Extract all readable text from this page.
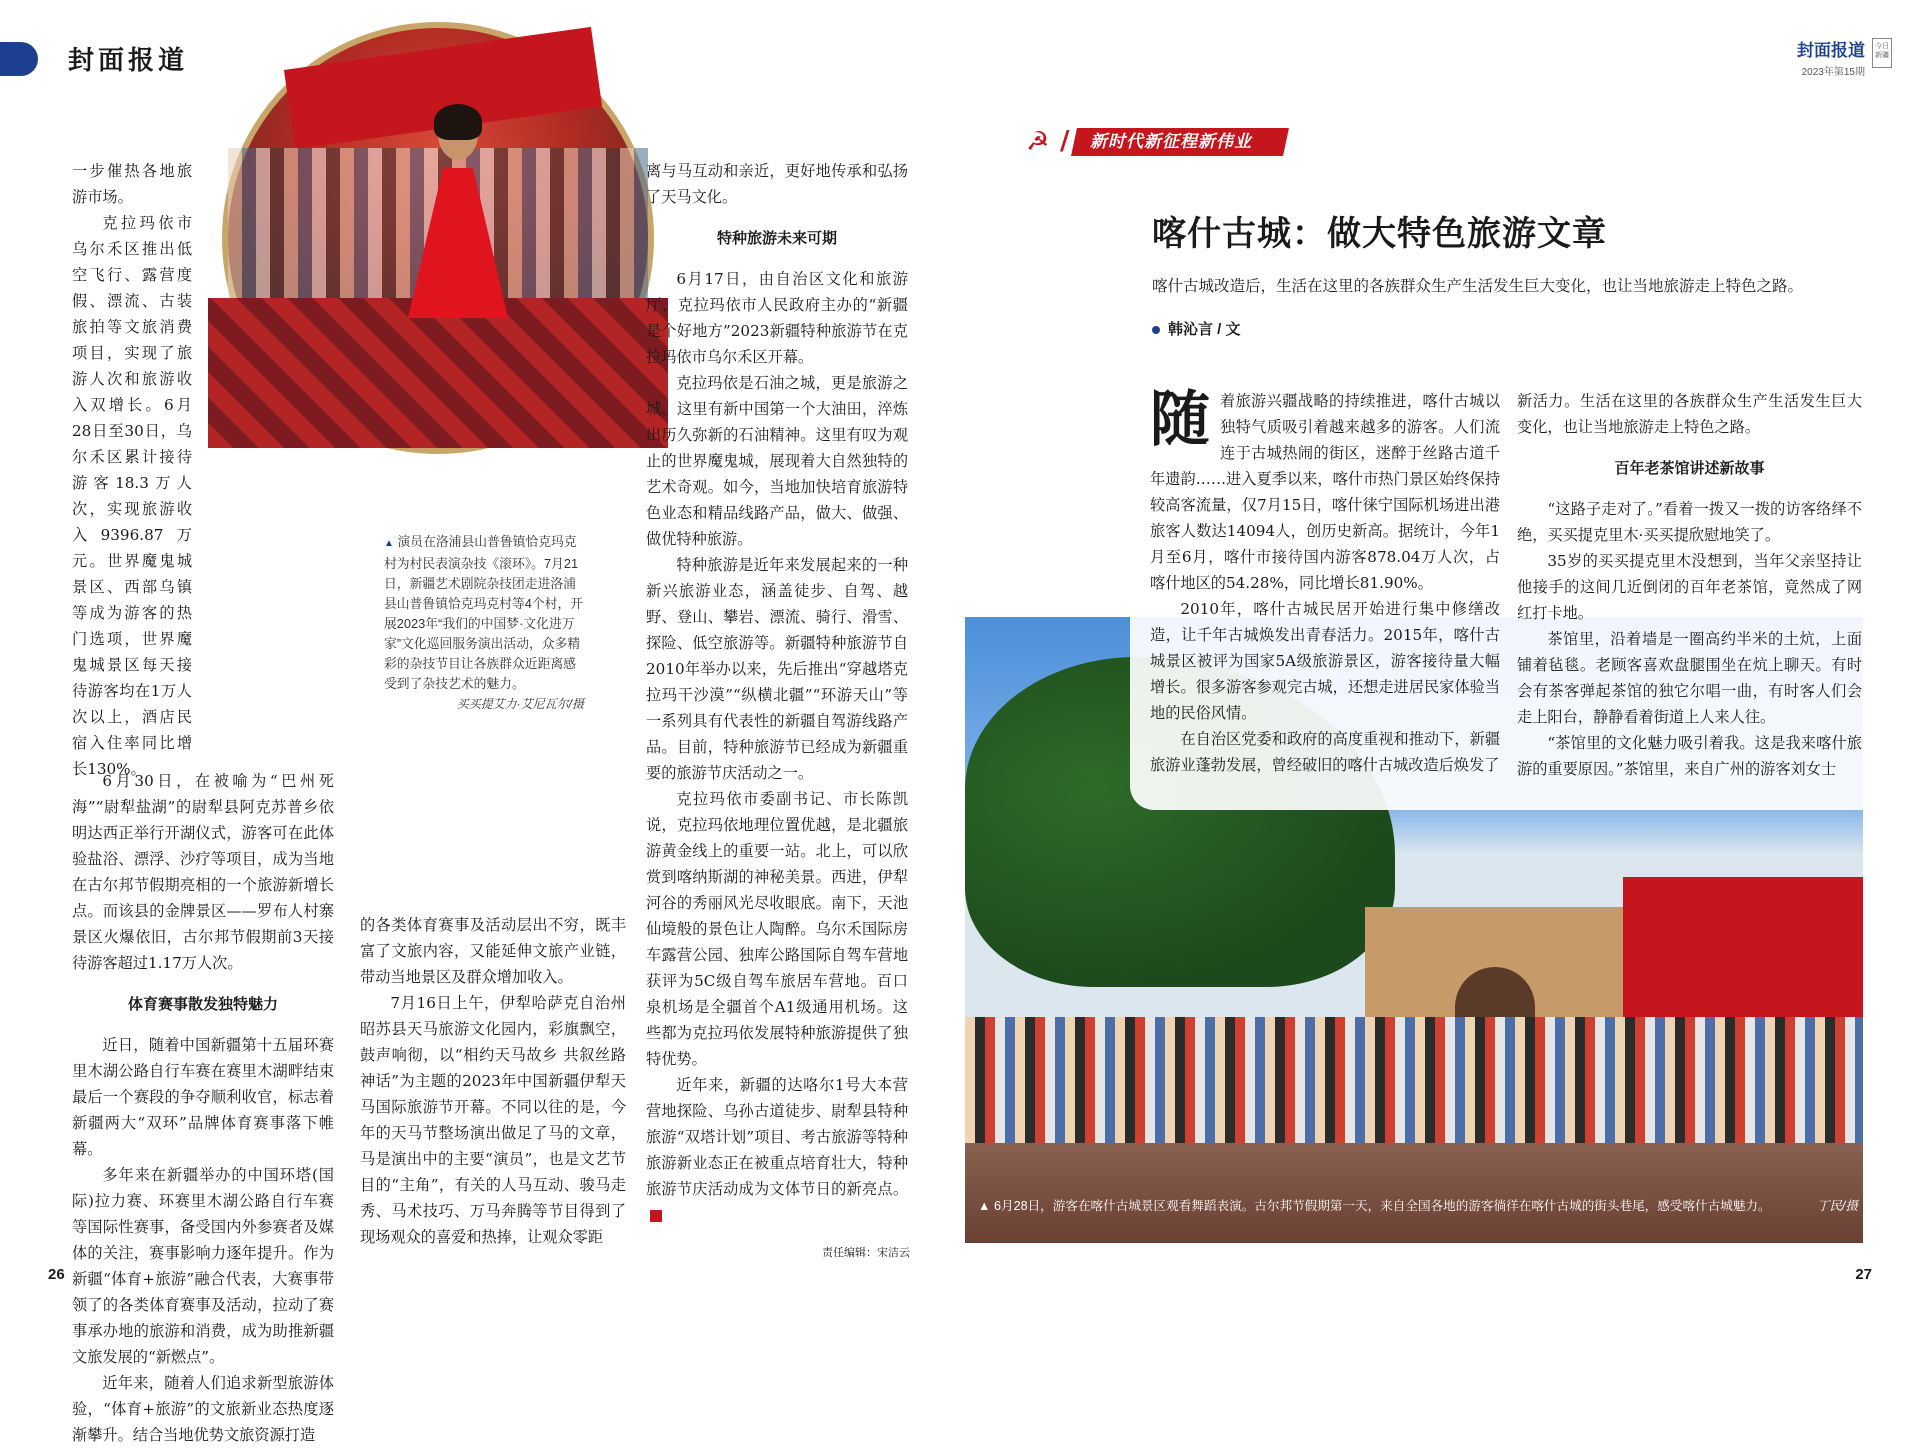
封面报道

一步催热各地旅游市场。

克拉玛依市乌尔禾区推出低空飞行、露营度假、漂流、古装旅拍等文旅消费项目，实现了旅游人次和旅游收入双增长。6月28日至30日，乌尔禾区累计接待游客18.3万人次，实现旅游收入9396.87万元。世界魔鬼城景区、西部乌镇等成为游客的热门选项，世界魔鬼城景区每天接待游客均在1万人次以上，酒店民宿入住率同比增长130%。

▲ 演员在洛浦县山普鲁镇恰克玛克村为村民表演杂技《滚环》。7月21日，新疆艺术剧院杂技团走进洛浦县山普鲁镇恰克玛克村等4个村，开展2023年“我们的中国梦·文化进万家”文化巡回服务演出活动，众多精彩的杂技节目让各族群众近距离感受到了杂技艺术的魅力。
买买提艾力·艾尼瓦尔/摄

6月30日，在被喻为“巴州死海”“尉犁盐湖”的尉犁县阿克苏普乡依明达西正举行开湖仪式，游客可在此体验盐浴、漂浮、沙疗等项目，成为当地在古尔邦节假期亮相的一个旅游新增长点。而该县的金牌景区——罗布人村寨景区火爆依旧，古尔邦节假期前3天接待游客超过1.17万人次。

体育赛事散发独特魅力

近日，随着中国新疆第十五届环赛里木湖公路自行车赛在赛里木湖畔结束最后一个赛段的争夺顺利收官，标志着新疆两大“双环”品牌体育赛事落下帷幕。

多年来在新疆举办的中国环塔(国际)拉力赛、环赛里木湖公路自行车赛等国际性赛事，备受国内外参赛者及媒体的关注，赛事影响力逐年提升。作为新疆“体育+旅游”融合代表，大赛事带领了的各类体育赛事及活动，拉动了赛事承办地的旅游和消费，成为助推新疆文旅发展的“新燃点”。

近年来，随着人们追求新型旅游体验，“体育+旅游”的文旅新业态热度逐渐攀升。结合当地优势文旅资源打造

的各类体育赛事及活动层出不穷，既丰富了文旅内容，又能延伸文旅产业链，带动当地景区及群众增加收入。

7月16日上午，伊犁哈萨克自治州昭苏县天马旅游文化园内，彩旗飘空，鼓声响彻，以“相约天马故乡 共叙丝路神话”为主题的2023年中国新疆伊犁天马国际旅游节开幕。不同以往的是，今年的天马节整场演出做足了马的文章，马是演出中的主要“演员”，也是文艺节目的“主角”，有关的人马互动、骏马走秀、马术技巧、万马奔腾等节目得到了现场观众的喜爱和热捧，让观众零距

离与马互动和亲近，更好地传承和弘扬了天马文化。

特种旅游未来可期

6月17日，由自治区文化和旅游厅、克拉玛依市人民政府主办的“新疆是个好地方”2023新疆特种旅游节在克拉玛依市乌尔禾区开幕。

克拉玛依是石油之城，更是旅游之城。这里有新中国第一个大油田，淬炼出历久弥新的石油精神。这里有叹为观止的世界魔鬼城，展现着大自然独特的艺术奇观。如今，当地加快培育旅游特色业态和精品线路产品，做大、做强、做优特种旅游。

特种旅游是近年来发展起来的一种新兴旅游业态，涵盖徒步、自驾、越野、登山、攀岩、漂流、骑行、滑雪、探险、低空旅游等。新疆特种旅游节自2010年举办以来，先后推出“穿越塔克拉玛干沙漠”“纵横北疆”“环游天山”等一系列具有代表性的新疆自驾游线路产品。目前，特种旅游节已经成为新疆重要的旅游节庆活动之一。

克拉玛依市委副书记、市长陈凯说，克拉玛依地理位置优越，是北疆旅游黄金线上的重要一站。北上，可以欣赏到喀纳斯湖的神秘美景。西进，伊犁河谷的秀丽风光尽收眼底。南下，天池仙境般的景色让人陶醉。乌尔禾国际房车露营公园、独库公路国际自驾车营地获评为5C级自驾车旅居车营地。百口泉机场是全疆首个A1级通用机场。这些都为克拉玛依发展特种旅游提供了独特优势。

近年来，新疆的达咯尔1号大本营营地探险、乌孙古道徒步、尉犁县特种旅游“双塔计划”项目、考古旅游等特种旅游新业态正在被重点培育壮大，特种旅游节庆活动成为文体节日的新亮点。

责任编辑：宋洁云
26
封面报道
2023年第15期
今日新疆
☭ / 新时代新征程新伟业
喀什古城：做大特色旅游文章
喀什古城改造后，生活在这里的各族群众生产生活发生巨大变化，也让当地旅游走上特色之路。
韩沁言 / 文

随着旅游兴疆战略的持续推进，喀什古城以独特气质吸引着越来越多的游客。人们流连于古城热闹的街区，迷醉于丝路古道千年遗韵……进入夏季以来，喀什市热门景区始终保持较高客流量，仅7月15日，喀什徕宁国际机场进出港旅客人数达14094人，创历史新高。据统计，今年1月至6月，喀什市接待国内游客878.04万人次，占喀什地区的54.28%，同比增长81.90%。

2010年，喀什古城民居开始进行集中修缮改造，让千年古城焕发出青春活力。2015年，喀什古城景区被评为国家5A级旅游景区，游客接待量大幅增长。很多游客参观完古城，还想走进居民家体验当地的民俗风情。

在自治区党委和政府的高度重视和推动下，新疆旅游业蓬勃发展，曾经破旧的喀什古城改造后焕发了

新活力。生活在这里的各族群众生产生活发生巨大变化，也让当地旅游走上特色之路。

百年老茶馆讲述新故事

“这路子走对了。”看着一拨又一拨的访客络绎不绝，买买提克里木·买买提欣慰地笑了。

35岁的买买提克里木没想到，当年父亲坚持让他接手的这间几近倒闭的百年老茶馆，竟然成了网红打卡地。

茶馆里，沿着墙是一圈高约半米的土炕，上面铺着毡毯。老顾客喜欢盘腿围坐在炕上聊天。有时会有茶客弹起茶馆的独它尔唱一曲，有时客人们会走上阳台，静静看着街道上人来人往。

“茶馆里的文化魅力吸引着我。这是我来喀什旅游的重要原因。”茶馆里，来自广州的游客刘女士

▲ 6月28日，游客在喀什古城景区观看舞蹈表演。古尔邦节假期第一天，来自全国各地的游客徜徉在喀什古城的街头巷尾，感受喀什古城魅力。	丁民/摄
27
